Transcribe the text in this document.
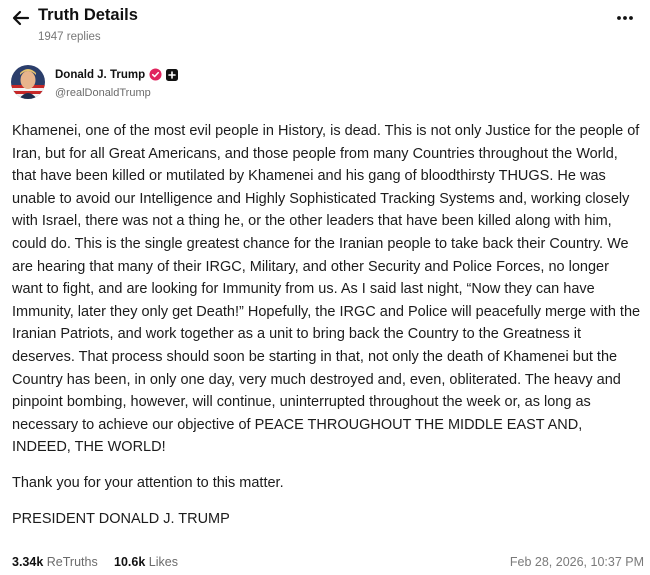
Truth Details
1947 replies
Donald J. Trump
@realDonaldTrump

Khamenei, one of the most evil people in History, is dead. This is not only Justice for the people of Iran, but for all Great Americans, and those people from many Countries throughout the World, that have been killed or mutilated by Khamenei and his gang of bloodthirsty THUGS. He was unable to avoid our Intelligence and Highly Sophisticated Tracking Systems and, working closely with Israel, there was not a thing he, or the other leaders that have been killed along with him, could do. This is the single greatest chance for the Iranian people to take back their Country. We are hearing that many of their IRGC, Military, and other Security and Police Forces, no longer want to fight, and are looking for Immunity from us. As I said last night, “Now they can have Immunity, later they only get Death!” Hopefully, the IRGC and Police will peacefully merge with the Iranian Patriots, and work together as a unit to bring back the Country to the Greatness it deserves. That process should soon be starting in that, not only the death of Khamenei but the Country has been, in only one day, very much destroyed and, even, obliterated. The heavy and pinpoint bombing, however, will continue, uninterrupted throughout the week or, as long as necessary to achieve our objective of PEACE THROUGHOUT THE MIDDLE EAST AND, INDEED, THE WORLD!

Thank you for your attention to this matter.

PRESIDENT DONALD J. TRUMP

3.34k ReTruths 10.6k Likes	Feb 28, 2026, 10:37 PM
